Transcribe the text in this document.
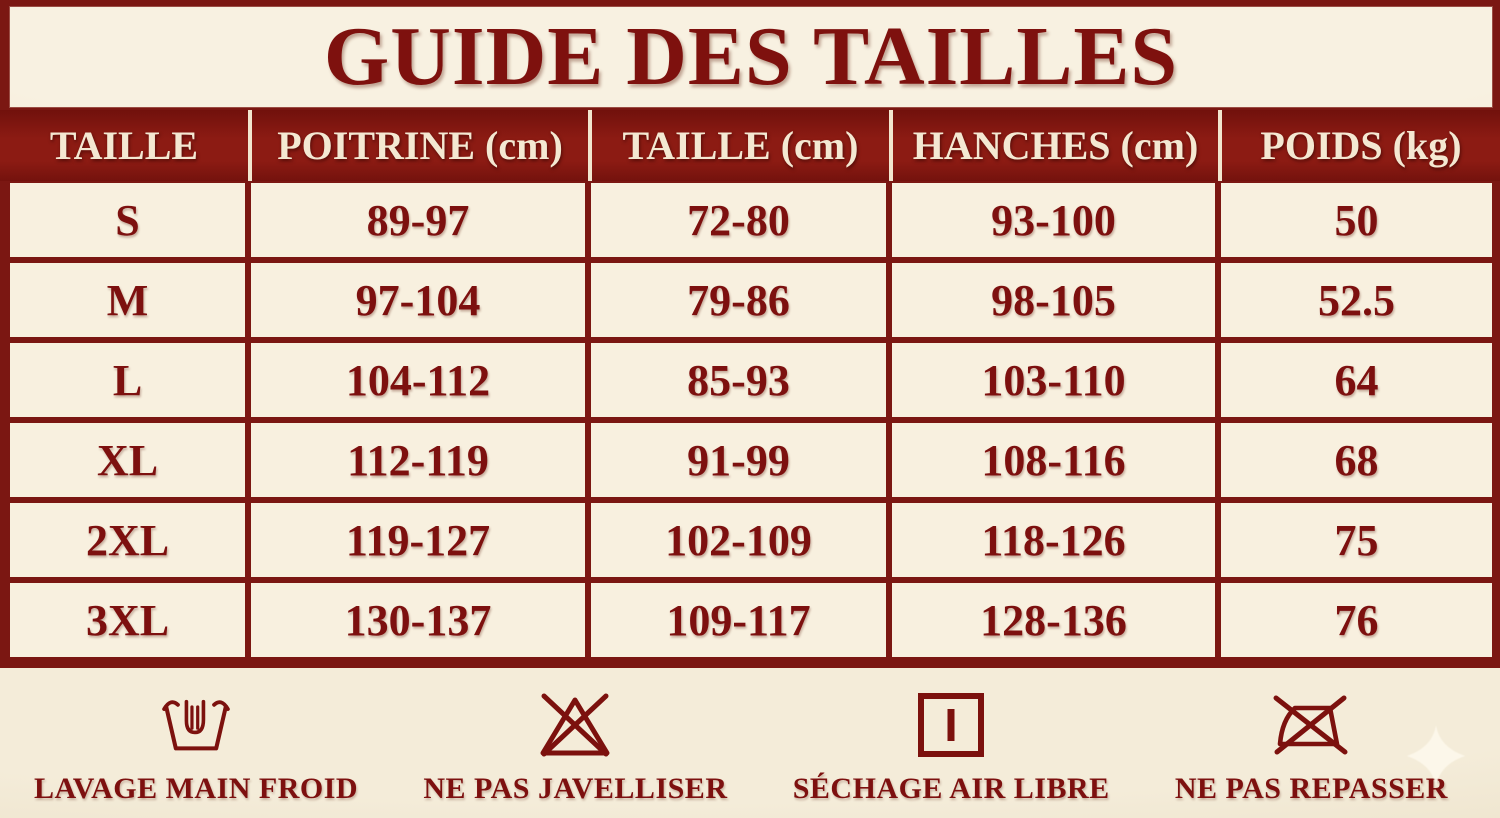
GUIDE DES TAILLES
TAILLE	POITRINE (cm)	TAILLE (cm)	HANCHES (cm)	POIDS (kg)
S	89-97	72-80	93-100	50
M	97-104	79-86	98-105	52.5
L	104-112	85-93	103-110	64
XL	112-119	91-99	108-116	68
2XL	119-127	102-109	118-126	75
3XL	130-137	109-117	128-136	76
LAVAGE MAIN FROID NE PAS JAVELLISER SÉCHAGE AIR LIBRE NE PAS REPASSER
